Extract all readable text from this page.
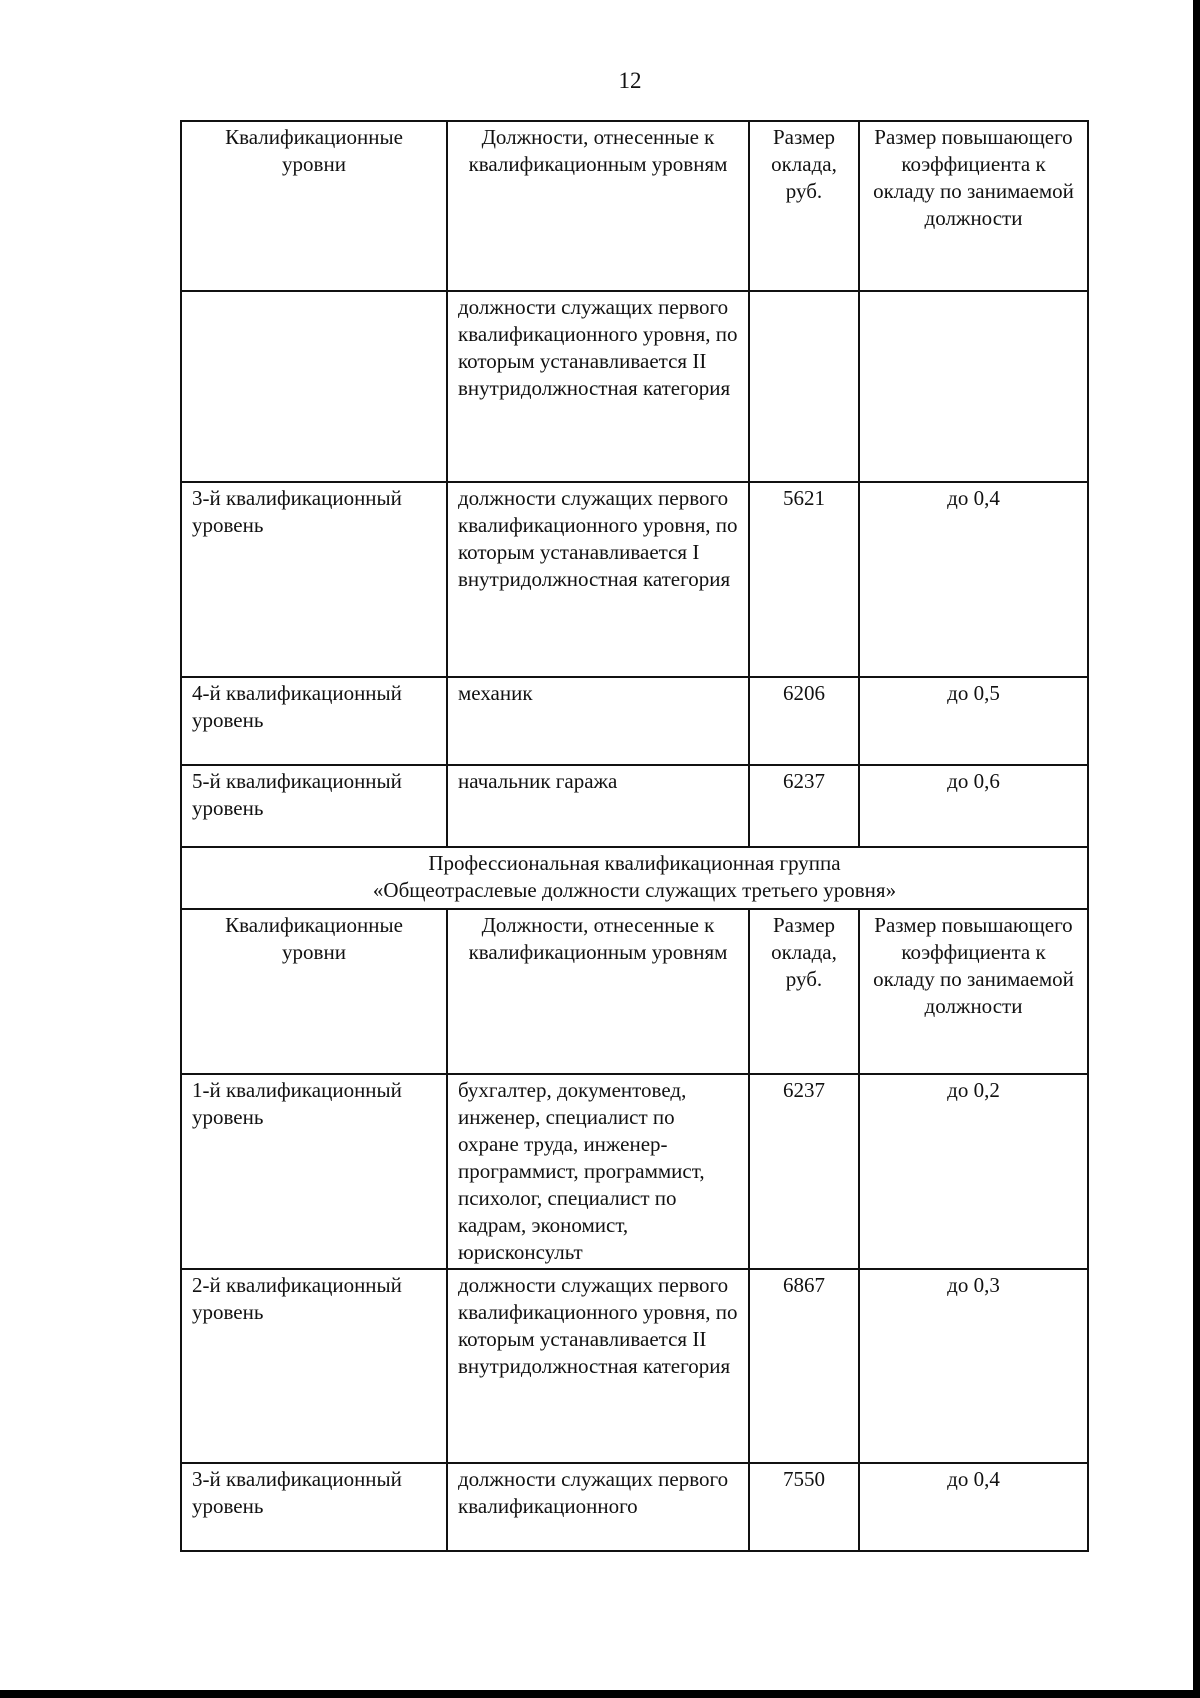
12
Квалификационные уровни	Должности, отнесенные к квалификационным уровням	Размер оклада, руб.	Размер повышающего коэффициента к окладу по занимаемой должности
	должности служащих первого квалификационного уровня, по которым устанавливается II внутридолжностная категория		
3-й квалификационный уровень	должности служащих первого квалификационного уровня, по которым устанавливается I внутридолжностная категория	5621	до 0,4
4-й квалификационный уровень	механик	6206	до 0,5
5-й квалификационный уровень	начальник гаража	6237	до 0,6

Профессиональная квалификационная группа
«Общеотраслевые должности служащих третьего уровня»			

Квалификационные уровни	Должности, отнесенные к квалификационным уровням	Размер оклада, руб.	Размер повышающего коэффициента к окладу по занимаемой должности
1-й квалификационный уровень	бухгалтер, документовед, инженер, специалист по охране труда, инженер-программист, программист, психолог, специалист по кадрам, экономист, юрисконсульт	6237	до 0,2
2-й квалификационный уровень	должности служащих первого квалификационного уровня, по которым устанавливается II внутридолжностная категория	6867	до 0,3
3-й квалификационный уровень	должности служащих первого квалификационного	7550	до 0,4
